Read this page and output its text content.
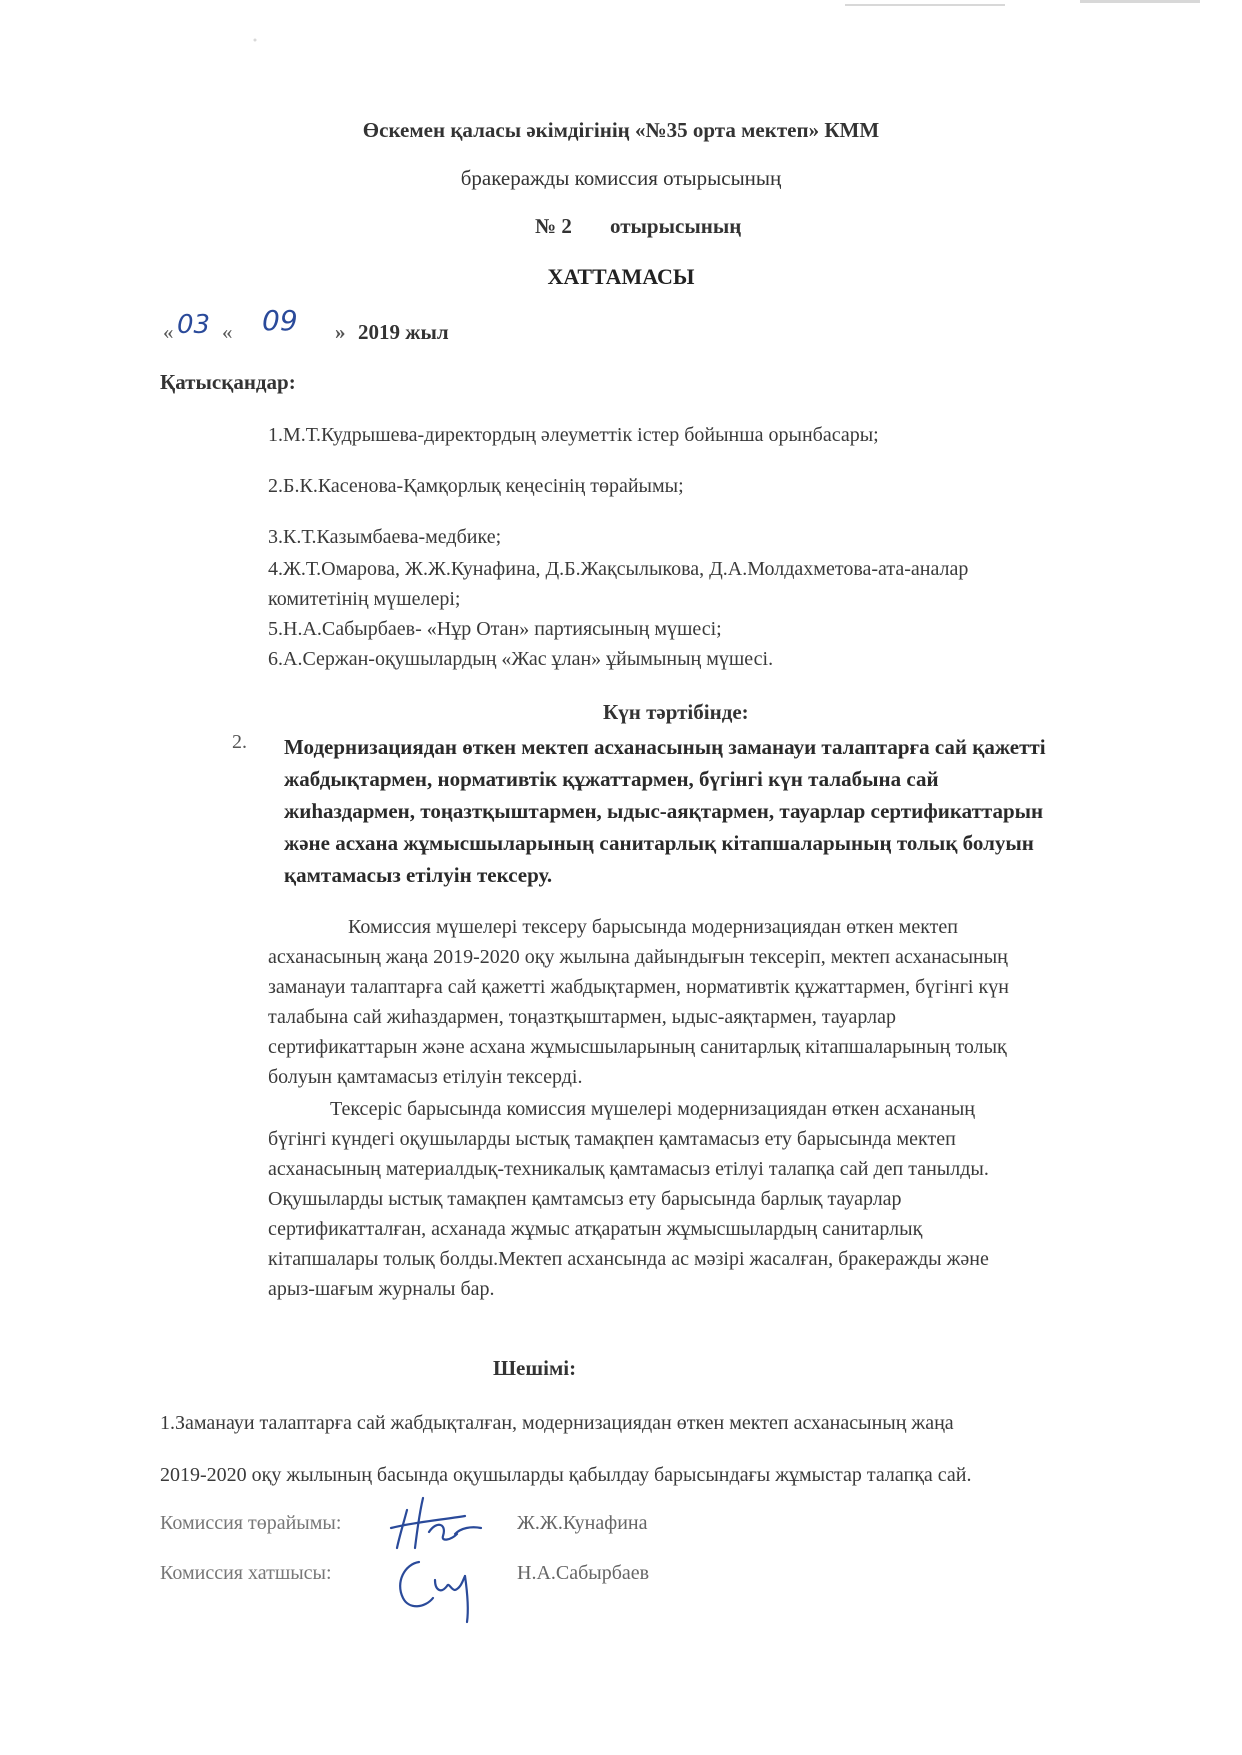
Өскемен қаласы әкімдігінің «№35 орта мектеп» КММ
бракеражды комиссия отырысының
№ 2 отырысының
ХАТТАМАСЫ
« 03 « 09 » 2019 жыл
Қатысқандар:
1.М.Т.Кудрышева-директордың әлеуметтік істер бойынша орынбасары;
2.Б.К.Касенова-Қамқорлық кеңесінің төрайымы;
3.К.Т.Казымбаева-медбике;
4.Ж.Т.Омарова, Ж.Ж.Кунафина, Д.Б.Жақсылыкова, Д.А.Молдахметова-ата-аналар
комитетінің мүшелері;
5.Н.А.Сабырбаев- «Нұр Отан» партиясының мүшесі;
6.А.Сержан-оқушылардың «Жас ұлан» ұйымының мүшесі.
Күн тәртібінде:
2. Модернизациядан өткен мектеп асханасының заманауи талаптарға сай қажетті
жабдықтармен, нормативтік құжаттармен, бүгінгі күн талабына сай
жиһаздармен, тоңазтқыштармен, ыдыс-аяқтармен, тауарлар сертификаттарын
және асхана жұмысшыларының санитарлық кітапшаларының толық болуын
қамтамасыз етілуін тексеру.
Комиссия мүшелері тексеру барысында модернизациядан өткен мектеп
асханасының жаңа 2019-2020 оқу жылына дайындығын тексеріп, мектеп асханасының
заманауи талаптарға сай қажетті жабдықтармен, нормативтік құжаттармен, бүгінгі күн
талабына сай жиһаздармен, тоңазтқыштармен, ыдыс-аяқтармен, тауарлар
сертификаттарын және асхана жұмысшыларының санитарлық кітапшаларының толық
болуын қамтамасыз етілуін тексерді.
Тексеріс барысында комиссия мүшелері модернизациядан өткен асхананың
бүгінгі күндегі оқушыларды ыстық тамақпен қамтамасыз ету барысында мектеп
асханасының материалдық-техникалық қамтамасыз етілуі талапқа сай деп танылды.
Оқушыларды ыстық тамақпен қамтамсыз ету барысында барлық тауарлар
сертификатталған, асханада жұмыс атқаратын жұмысшылардың санитарлық
кітапшалары толық болды.Мектеп асхансында ас мәзірі жасалған, бракеражды және
арыз-шағым журналы бар.
Шешімі:
1.Заманауи талаптарға сай жабдықталған, модернизациядан өткен мектеп асханасының жаңа
2019-2020 оқу жылының басында оқушыларды қабылдау барысындағы жұмыстар талапқа сай.
Комиссия төрайымы:	Ж.Ж.Кунафина
Комиссия хатшысы:	Н.А.Сабырбаев
